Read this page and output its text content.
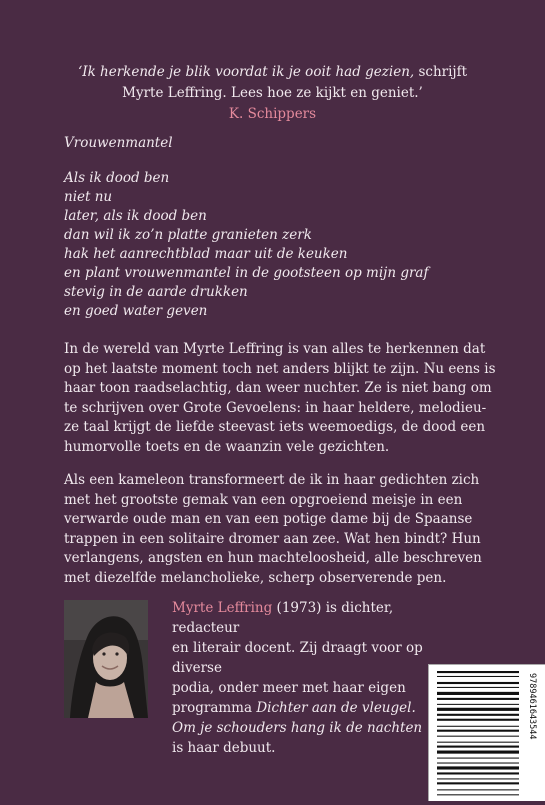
‘Ik herkende je blik voordat ik je ooit had gezien, schrijft
Myrte Leffring. Lees hoe ze kijkt en geniet.’
K. Schippers
Vrouwenmantel
Als ik dood ben
niet nu
later, als ik dood ben
dan wil ik zo’n platte granieten zerk
hak het aanrechtblad maar uit de keuken
en plant vrouwenmantel in de gootsteen op mijn graf
stevig in de aarde drukken
en goed water geven
In de wereld van Myrte Leffring is van alles te herkennen dat
op het laatste moment toch net anders blijkt te zijn. Nu eens is
haar toon raadselachtig, dan weer nuchter. Ze is niet bang om
te schrijven over Grote Gevoelens: in haar heldere, melodieu-
ze taal krijgt de liefde steevast iets weemoedigs, de dood een
humorvolle toets en de waanzin vele gezichten.
Als een kameleon transformeert de ik in haar gedichten zich
met het grootste gemak van een opgroeiend meisje in een
verwarde oude man en van een potige dame bij de Spaanse
trappen in een solitaire dromer aan zee. Wat hen bindt? Hun
verlangens, angsten en hun machteloosheid, alle beschreven
met diezelfde melancholieke, scherp observerende pen.
Myrte Leffring (1973) is dichter, redacteur
en literair docent. Zij draagt voor op diverse
podia, onder meer met haar eigen
programma Dichter aan de vleugel.
Om je schouders hang ik de nachten
is haar debuut.
9789461643544
